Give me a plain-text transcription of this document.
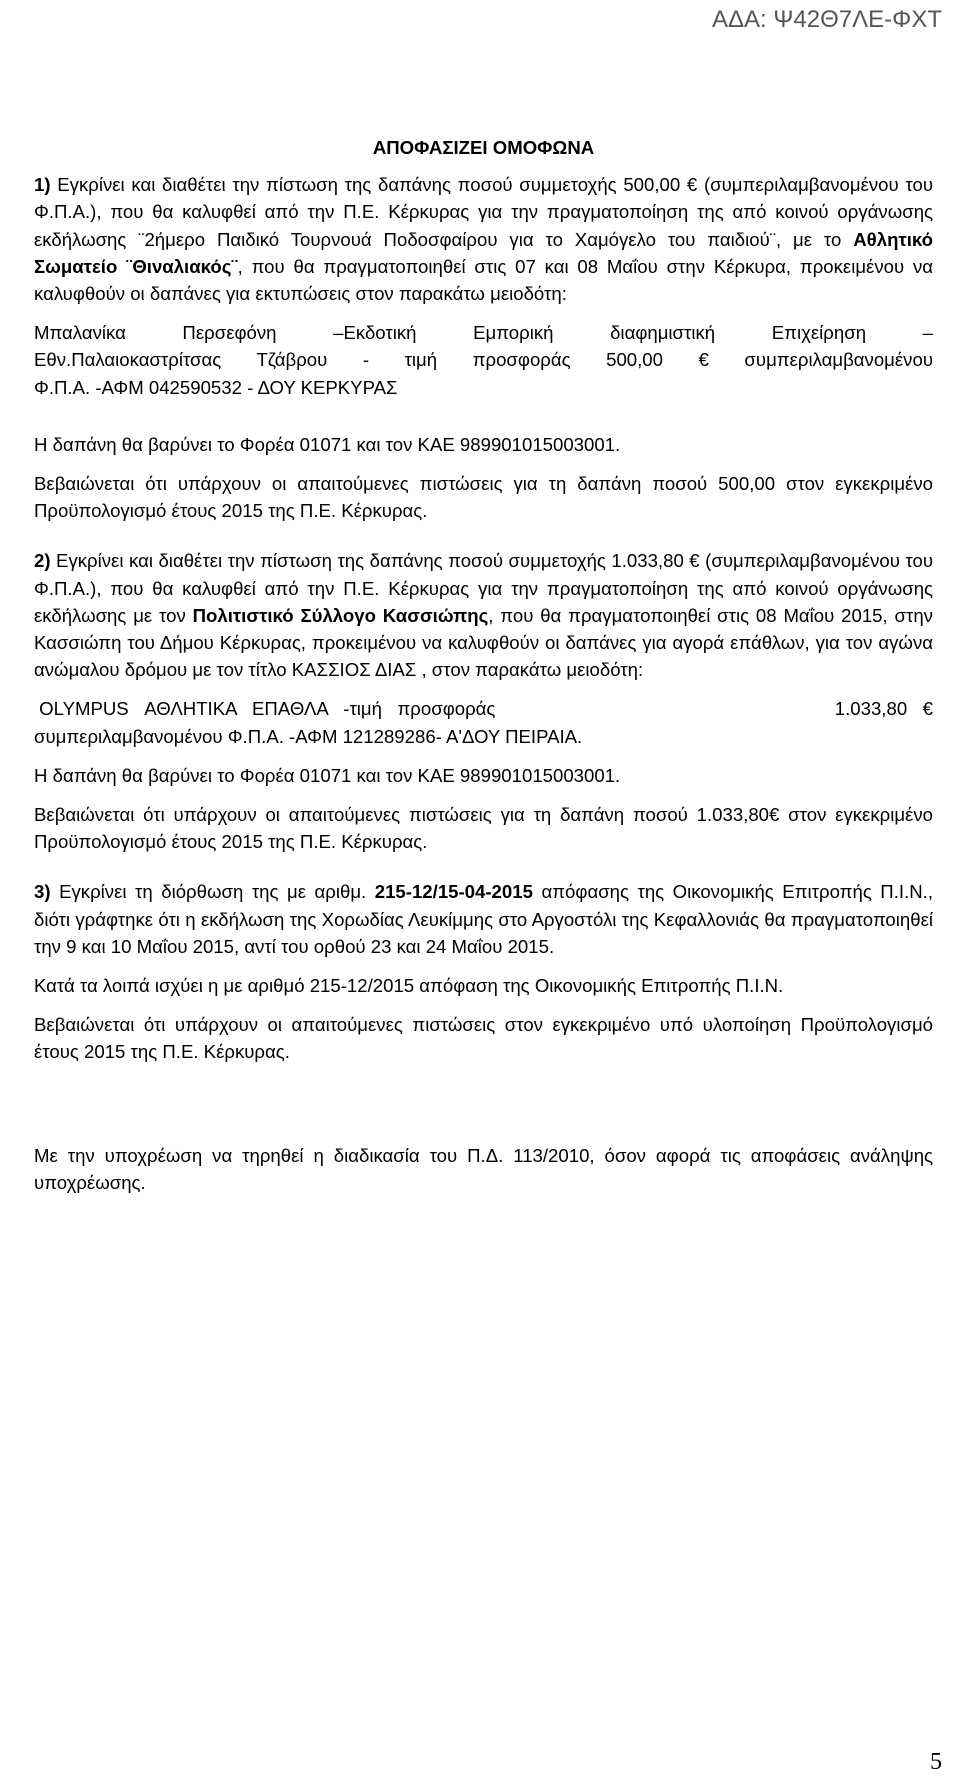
ΑΔΑ: Ψ42Θ7ΛΕ-ΦΧΤ

ΑΠΟΦΑΣΙΖΕΙ ΟΜΟΦΩΝΑ

1) Εγκρίνει και διαθέτει την πίστωση της δαπάνης ποσού συμμετοχής 500,00 € (συμπεριλαμβανομένου του Φ.Π.Α.), που θα καλυφθεί από την Π.Ε. Κέρκυρας για την πραγματοποίηση της από κοινού οργάνωσης εκδήλωσης ¨2ήμερο Παιδικό Τουρνουά Ποδοσφαίρου για το Χαμόγελο του παιδιού¨, με το Αθλητικό Σωματείο ¨Θιναλιακός¨, που θα πραγματοποιηθεί στις 07 και 08 Μαΐου στην Κέρκυρα, προκειμένου να καλυφθούν οι δαπάνες για εκτυπώσεις στον παρακάτω μειοδότη:

Μπαλανίκα Περσεφόνη –Εκδοτική Εμπορική διαφημιστική Επιχείρηση –

Εθν.Παλαιοκαστρίτσας Τζάβρου - τιμή προσφοράς 500,00 € συμπεριλαμβανομένου

Φ.Π.Α. -ΑΦΜ 042590532 - ΔΟΥ ΚΕΡΚΥΡΑΣ

Η δαπάνη θα βαρύνει το Φορέα 01071 και τον ΚΑΕ 98990101500300​1.

Βεβαιώνεται ότι υπάρχουν οι απαιτούμενες πιστώσεις για τη δαπάνη ποσού 500,00 στον εγκεκριμένο Προϋπολογισμό έτους 2015 της Π.Ε. Κέρκυρας.

2) Εγκρίνει και διαθέτει την πίστωση της δαπάνης ποσού συμμετοχής 1.033,80 € (συμπεριλαμβανομένου του Φ.Π.Α.), που θα καλυφθεί από την Π.Ε. Κέρκυρας για την πραγματοποίηση της από κοινού οργάνωσης εκδήλωσης με τον Πολιτιστικό Σύλλογο Κασσιώπης, που θα πραγματοποιηθεί στις 08 Μαΐου 2015, στην Κασσιώπη του Δήμου Κέρκυρας, προκειμένου να καλυφθούν οι δαπάνες για αγορά επάθλων, για τον αγώνα ανώμαλου δρόμου με τον τίτλο ΚΑΣΣΙΟΣ ΔΙΑΣ , στον παρακάτω μειοδότη:

OLYMPUS   ΑΘΛΗΤΙΚΑ   ΕΠΑΘΛΑ   -τιμή   προσφοράς	1.033,80   €

συμπεριλαμβανομένου Φ.Π.Α. -ΑΦΜ 121289286- Α'ΔΟΥ ΠΕΙΡΑΙΑ.

Η δαπάνη θα βαρύνει το Φορέα 01071 και τον ΚΑΕ 98990101500300​1.

Βεβαιώνεται ότι υπάρχουν οι απαιτούμενες πιστώσεις για τη δαπάνη ποσού 1.033,80€ στον εγκεκριμένο Προϋπολογισμό έτους 2015 της Π.Ε. Κέρκυρας.

3) Εγκρίνει τη διόρθωση της με αριθμ. 215-12/15-04-2015 απόφασης της Οικονομικής Επιτροπής Π.Ι.Ν., διότι γράφτηκε ότι η εκδήλωση της Χορωδίας Λευκίμμης στο Αργοστόλι της Κεφαλλονιάς θα πραγματοποιηθεί την 9 και 10 Μαΐου 2015, αντί του ορθού 23 και 24 Μαΐου 2015.

Κατά τα λοιπά ισχύει η με αριθμό 215-12/2015 απόφαση της Οικονομικής Επιτροπής Π.Ι.Ν.

Βεβαιώνεται ότι υπάρχουν οι απαιτούμενες πιστώσεις στον εγκεκριμένο υπό υλοποίηση Προϋπολογισμό έτους 2015 της Π.Ε. Κέρκυρας.

Με την υποχρέωση να τηρηθεί η διαδικασία του Π.Δ. 113/2010, όσον αφορά τις αποφάσεις ανάληψης υποχρέωσης.

5
